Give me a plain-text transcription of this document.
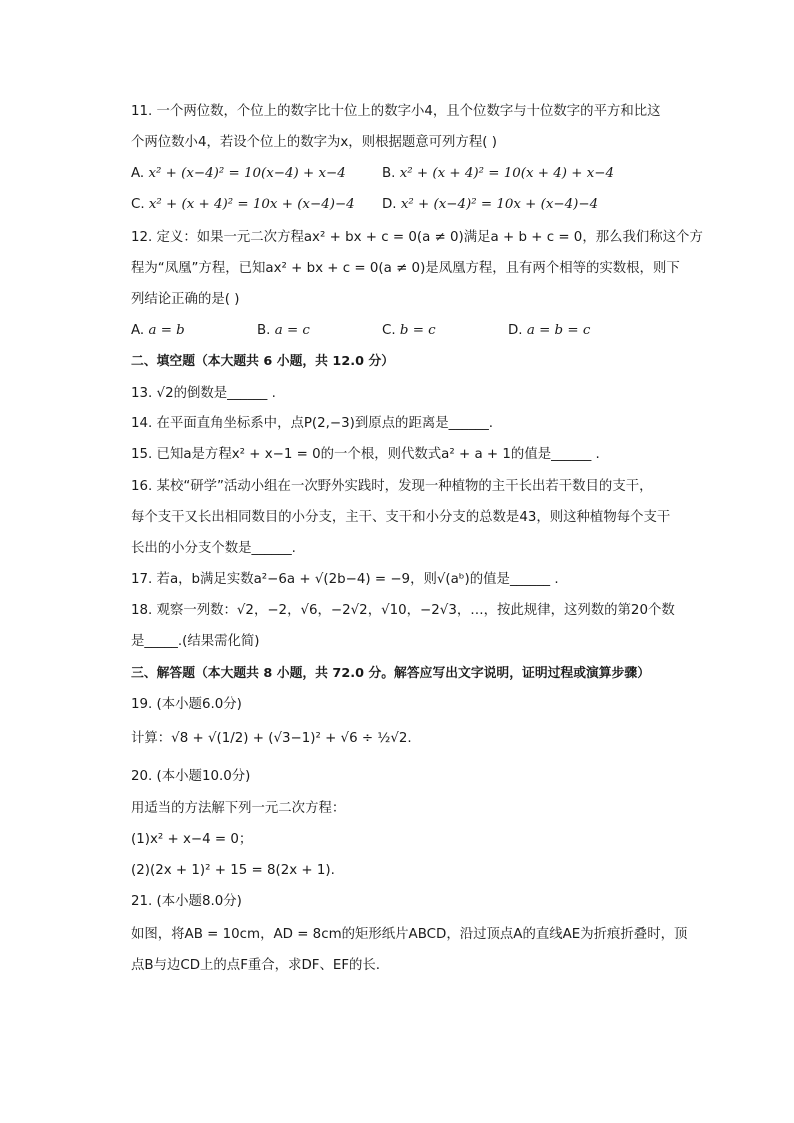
11. 一个两位数，个位上的数字比十位上的数字小4，且个位数字与十位数字的平方和比这
个两位数小4，若设个位上的数字为x，则根据题意可列方程( )
A. x² + (x−4)² = 10(x−4) + x−4	B. x² + (x + 4)² = 10(x + 4) + x−4
C. x² + (x + 4)² = 10x + (x−4)−4 D. x² + (x−4)² = 10x + (x−4)−4
12. 定义：如果一元二次方程ax² + bx + c = 0(a ≠ 0)满足a + b + c = 0，那么我们称这个方
程为“凤凰”方程，已知ax² + bx + c = 0(a ≠ 0)是凤凰方程，且有两个相等的实数根，则下
列结论正确的是( )
A. a = b	B. a = c	C. b = c	D. a = b = c
二、填空题（本大题共 6 小题，共 12.0 分）
13. √2的倒数是______ .
14. 在平面直角坐标系中，点P(2,−3)到原点的距离是______.
15. 已知a是方程x² + x−1 = 0的一个根，则代数式a² + a + 1的值是______ .
16. 某校“研学”活动小组在一次野外实践时，发现一种植物的主干长出若干数目的支干，
每个支干又长出相同数目的小分支，主干、支干和小分支的总数是43，则这种植物每个支干
长出的小分支个数是______.
17. 若a，b满足实数a²−6a + √(2b−4) = −9，则√(aᵇ)的值是______ .
18. 观察一列数：√2，−2，√6，−2√2，√10，−2√3，…，按此规律，这列数的第20个数
是_____.(结果需化简)
三、解答题（本大题共 8 小题，共 72.0 分。解答应写出文字说明，证明过程或演算步骤）
19. (本小题6.0分)
计算：√8 + √(1/2) + (√3−1)² + √6 ÷ ½√2.
20. (本小题10.0分)
用适当的方法解下列一元二次方程：
(1)x² + x−4 = 0；
(2)(2x + 1)² + 15 = 8(2x + 1).
21. (本小题8.0分)
如图，将AB = 10cm，AD = 8cm的矩形纸片ABCD，沿过顶点A的直线AE为折痕折叠时，顶
点B与边CD上的点F重合，求DF、EF的长.
